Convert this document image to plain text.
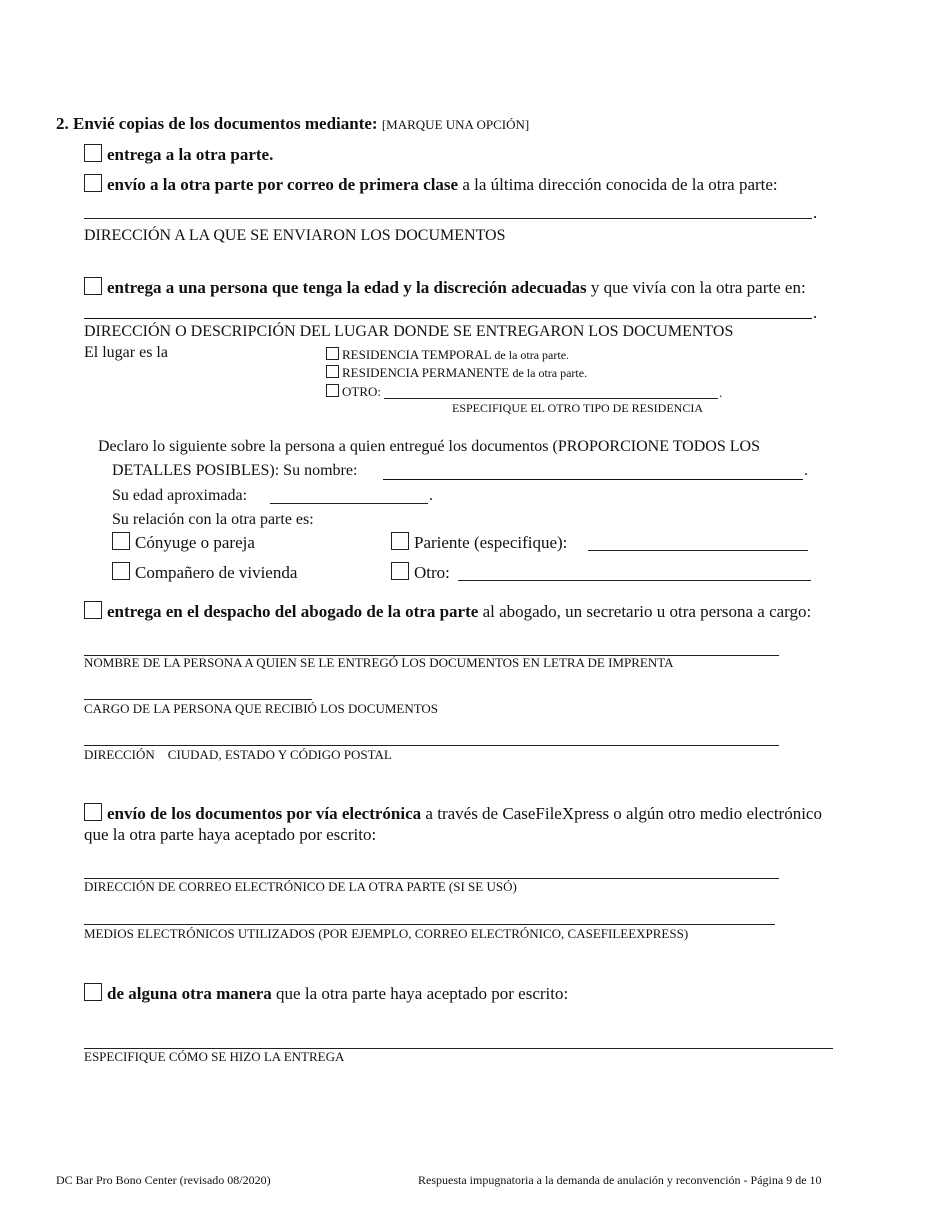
2. Envié copias de los documentos mediante: [MARQUE UNA OPCIÓN]
entrega a la otra parte.
envío a la otra parte por correo de primera clase a la última dirección conocida de la otra parte:
.
DIRECCIÓN A LA QUE SE ENVIARON LOS DOCUMENTOS
entrega a una persona que tenga la edad y la discreción adecuadas y que vivía con la otra parte en:
.
DIRECCIÓN O DESCRIPCIÓN DEL LUGAR DONDE SE ENTREGARON LOS DOCUMENTOS
El lugar es la	RESIDENCIA TEMPORAL de la otra parte.
RESIDENCIA PERMANENTE de la otra parte.
OTRO:	.
ESPECIFIQUE EL OTRO TIPO DE RESIDENCIA
Declaro lo siguiente sobre la persona a quien entregué los documentos (PROPORCIONE TODOS LOS
DETALLES POSIBLES): Su nombre:	.
Su edad aproximada:	.
Su relación con la otra parte es:
Cónyuge o pareja	Pariente (especifique):
Compañero de vivienda	Otro:
entrega en el despacho del abogado de la otra parte al abogado, un secretario u otra persona a cargo:
NOMBRE DE LA PERSONA A QUIEN SE LE ENTREGÓ LOS DOCUMENTOS EN LETRA DE IMPRENTA
CARGO DE LA PERSONA QUE RECIBIÓ LOS DOCUMENTOS
DIRECCIÓN    CIUDAD, ESTADO Y CÓDIGO POSTAL
envío de los documentos por vía electrónica a través de CaseFileXpress o algún otro medio electrónico
que la otra parte haya aceptado por escrito:
DIRECCIÓN DE CORREO ELECTRÓNICO DE LA OTRA PARTE (SI SE USÓ)
MEDIOS ELECTRÓNICOS UTILIZADOS (POR EJEMPLO, CORREO ELECTRÓNICO, CASEFILEEXPRESS)
de alguna otra manera que la otra parte haya aceptado por escrito:
ESPECIFIQUE CÓMO SE HIZO LA ENTREGA
DC Bar Pro Bono Center (revisado 08/2020)	Respuesta impugnatoria a la demanda de anulación y reconvención - Página 9 de 10
